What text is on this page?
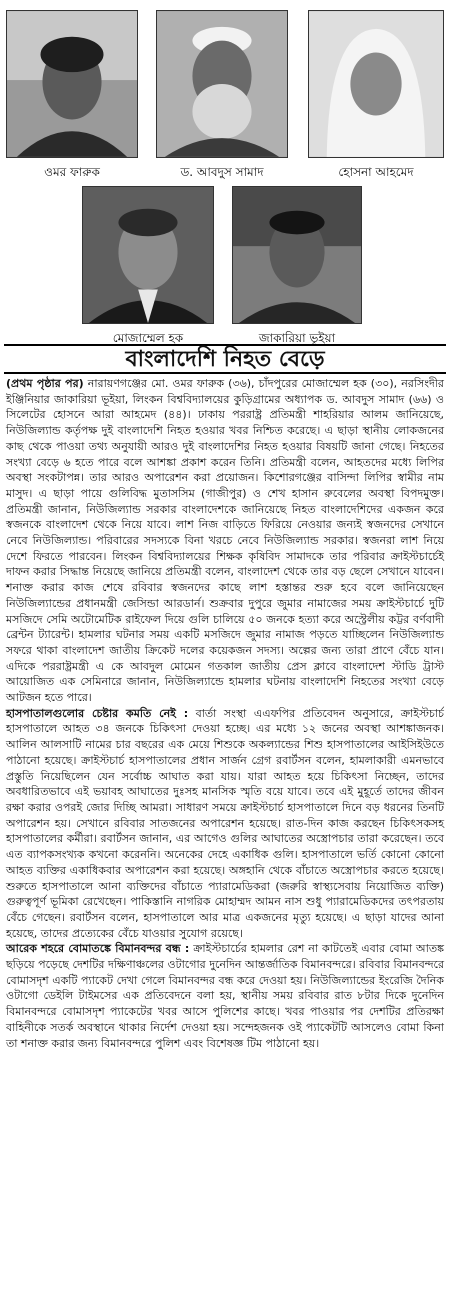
ওমর ফারুক	ড. আবদুস সামাদ	হোসনা আহমেদ
মোজাম্মেল হক	জাকারিয়া ভূইয়া
বাংলাদেশি নিহত বেড়ে

(প্রথম পৃষ্ঠার পর) নারায়ণগঞ্জের মো. ওমর ফারুক (৩৬), চাঁদপুরের মোজাম্মেল হক (৩০), নরসিংদীর ইঞ্জিনিয়ার জাকারিয়া ভূইয়া, লিংকন বিশ্ববিদ্যালয়ের কুড়িগ্রামের অধ্যাপক ড. আবদুস সামাদ (৬৬) ও সিলেটের হোসনে আরা আহমেদ (৪৪)। ঢাকায় পররাষ্ট্র প্রতিমন্ত্রী শাহরিয়ার আলম জানিয়েছে, নিউজিল্যান্ড কর্তৃপক্ষ দুই বাংলাদেশি নিহত হওয়ার খবর নিশ্চিত করেছে। এ ছাড়া স্থানীয় লোকজনের কাছ থেকে পাওয়া তথ্য অনুযায়ী আরও দুই বাংলাদেশির নিহত হওয়ার বিষয়টি জানা গেছে। নিহতের সংখ্যা বেড়ে ৬ হতে পারে বলে আশঙ্কা প্রকাশ করেন তিনি। প্রতিমন্ত্রী বলেন, আহতদের মধ্যে লিপির অবস্থা সংকটাপন্ন। তার আরও অপারেশন করা প্রয়োজন। কিশোরগঞ্জের বাসিন্দা লিপির স্বামীর নাম মাসুদ। এ ছাড়া পায়ে গুলিবিদ্ধ মুতাসসিম (গাজীপুর) ও শেখ হাসান রুবেলের অবস্থা বিপদমুক্ত। প্রতিমন্ত্রী জানান, নিউজিল্যান্ড সরকার বাংলাদেশকে জানিয়েছে নিহত বাংলাদেশিদের একজন করে স্বজনকে বাংলাদেশ থেকে নিয়ে যাবে। লাশ নিজ বাড়িতে ফিরিয়ে নেওয়ার জন্যই স্বজনদের সেখানে নেবে নিউজিল্যান্ড। পরিবারের সদস্যকে বিনা খরচে নেবে নিউজিল্যান্ড সরকার। স্বজনরা লাশ নিয়ে দেশে ফিরতে পারবেন। লিংকন বিশ্ববিদ্যালয়ের শিক্ষক কৃষিবিদ সামাদকে তার পরিবার ক্রাইস্টচার্চেই দাফন করার সিদ্ধান্ত নিয়েছে জানিয়ে প্রতিমন্ত্রী বলেন, বাংলাদেশ থেকে তার বড় ছেলে সেখানে যাবেন। শনাক্ত করার কাজ শেষে রবিবার স্বজনদের কাছে লাশ হস্তান্তর শুরু হবে বলে জানিয়েছেন নিউজিল্যান্ডের প্রধানমন্ত্রী জেসিন্ডা আরডার্ন। শুক্রবার দুপুরে জুমার নামাজের সময় ক্রাইস্টচার্চে দুটি মসজিদে সেমি অটোমেটিক রাইফেল দিয়ে গুলি চালিয়ে ৫০ জনকে হত্যা করে অস্ট্রেলীয় কট্টর বর্ণবাদী ব্রেন্টন ট্যারেন্ট। হামলার ঘটনার সময় একটি মসজিদে জুমার নামাজ পড়তে যাচ্ছিলেন নিউজিল্যান্ড সফরে থাকা বাংলাদেশ জাতীয় ক্রিকেট দলের কয়েকজন সদস্য। অল্পের জন্য তারা প্রাণে বেঁচে যান। এদিকে পররাষ্ট্রমন্ত্রী এ কে আবদুল মোমেন গতকাল জাতীয় প্রেস ক্লাবে বাংলাদেশ স্টাডি ট্রাস্ট আয়োজিত এক সেমিনারে জানান, নিউজিল্যান্ডে হামলার ঘটনায় বাংলাদেশি নিহতের সংখ্যা বেড়ে আটজন হতে পারে।

হাসপাতালগুলোর চেষ্টার কমতি নেই : বার্তা সংস্থা এএফপির প্রতিবেদন অনুসারে, ক্রাইস্টচার্চ হাসপাতালে আহত ৩৪ জনকে চিকিৎসা দেওয়া হচ্ছে। এর মধ্যে ১২ জনের অবস্থা আশঙ্কাজনক। আলিন আলসাটি নামের চার বছরের এক মেয়ে শিশুকে অকল্যান্ডের শিশু হাসপাতালের আইসিইউতে পাঠানো হয়েছে। ক্রাইস্টচার্চ হাসপাতালের প্রধান সার্জন গ্রেগ রবার্টসন বলেন, হামলাকারী এমনভাবে প্রস্তুতি নিয়েছিলেন যেন সর্বোচ্চ আঘাত করা যায়। যারা আহত হয়ে চিকিৎসা নিচ্ছেন, তাদের অবধারিতভাবে এই ভয়াবহ আঘাতের দুঃসহ মানসিক স্মৃতি বয়ে যাবে। তবে এই মুহূর্তে তাদের জীবন রক্ষা করার ওপরই জোর দিচ্ছি আমরা। সাধারণ সময়ে ক্রাইস্টচার্চ হাসপাতালে দিনে বড় ধরনের তিনটি অপারেশন হয়। সেখানে রবিবার সাতজনের অপারেশন হয়েছে। রাত-দিন কাজ করছেন চিকিৎসকসহ হাসপাতালের কর্মীরা। রবার্টসন জানান, এর আগেও গুলির আঘাতের অস্ত্রোপচার তারা করেছেন। তবে এত ব্যাপকসংখ্যক কখনো করেননি। অনেকের দেহে একাধিক গুলি। হাসপাতালে ভর্তি কোনো কোনো আহত ব্যক্তির একাধিকবার অপারেশন করা হয়েছে। অঙ্গহানি থেকে বাঁচাতে অস্ত্রোপচার করতে হয়েছে। শুরুতে হাসপাতালে আনা ব্যক্তিদের বাঁচাতে প্যারামেডিকরা (জরুরি স্বাস্থ্যসেবায় নিয়োজিত ব্যক্তি) গুরুত্বপূর্ণ ভূমিকা রেখেছেন। পাকিস্তানি নাগরিক মোহাম্মদ আমন নাস শুধু প্যারামেডিকদের তৎপরতায় বেঁচে গেছেন। রবার্টসন বলেন, হাসপাতালে আর মাত্র একজনের মৃত্যু হয়েছে। এ ছাড়া যাদের আনা হয়েছে, তাদের প্রত্যেকের বেঁচে যাওয়ার সুযোগ রয়েছে।

আরেক শহরে বোমাতঙ্কে বিমানবন্দর বন্ধ : ক্রাইস্টচার্চের হামলার রেশ না কাটতেই এবার বোমা আতঙ্ক ছড়িয়ে পড়েছে দেশটির দক্ষিণাঞ্চলের ওটাগোর দুনেদিন আন্তর্জাতিক বিমানবন্দরে। রবিবার বিমানবন্দরে বোমাসদৃশ একটি প্যাকেট দেখা গেলে বিমানবন্দর বন্ধ করে দেওয়া হয়। নিউজিল্যান্ডের ইংরেজি দৈনিক ওটাগো ডেইলি টাইমসের এক প্রতিবেদনে বলা হয়, স্থানীয় সময় রবিবার রাত ৮টার দিকে দুনেদিন বিমানবন্দরে বোমাসদৃশ প্যাকেটের খবর আসে পুলিশের কাছে। খবর পাওয়ার পর দেশটির প্রতিরক্ষা বাহিনীকে সতর্ক অবস্থানে থাকার নির্দেশ দেওয়া হয়। সন্দেহজনক ওই প্যাকেটটি আসলেও বোমা কিনা তা শনাক্ত করার জন্য বিমানবন্দরে পুলিশ এবং বিশেষজ্ঞ টিম পাঠানো হয়।
